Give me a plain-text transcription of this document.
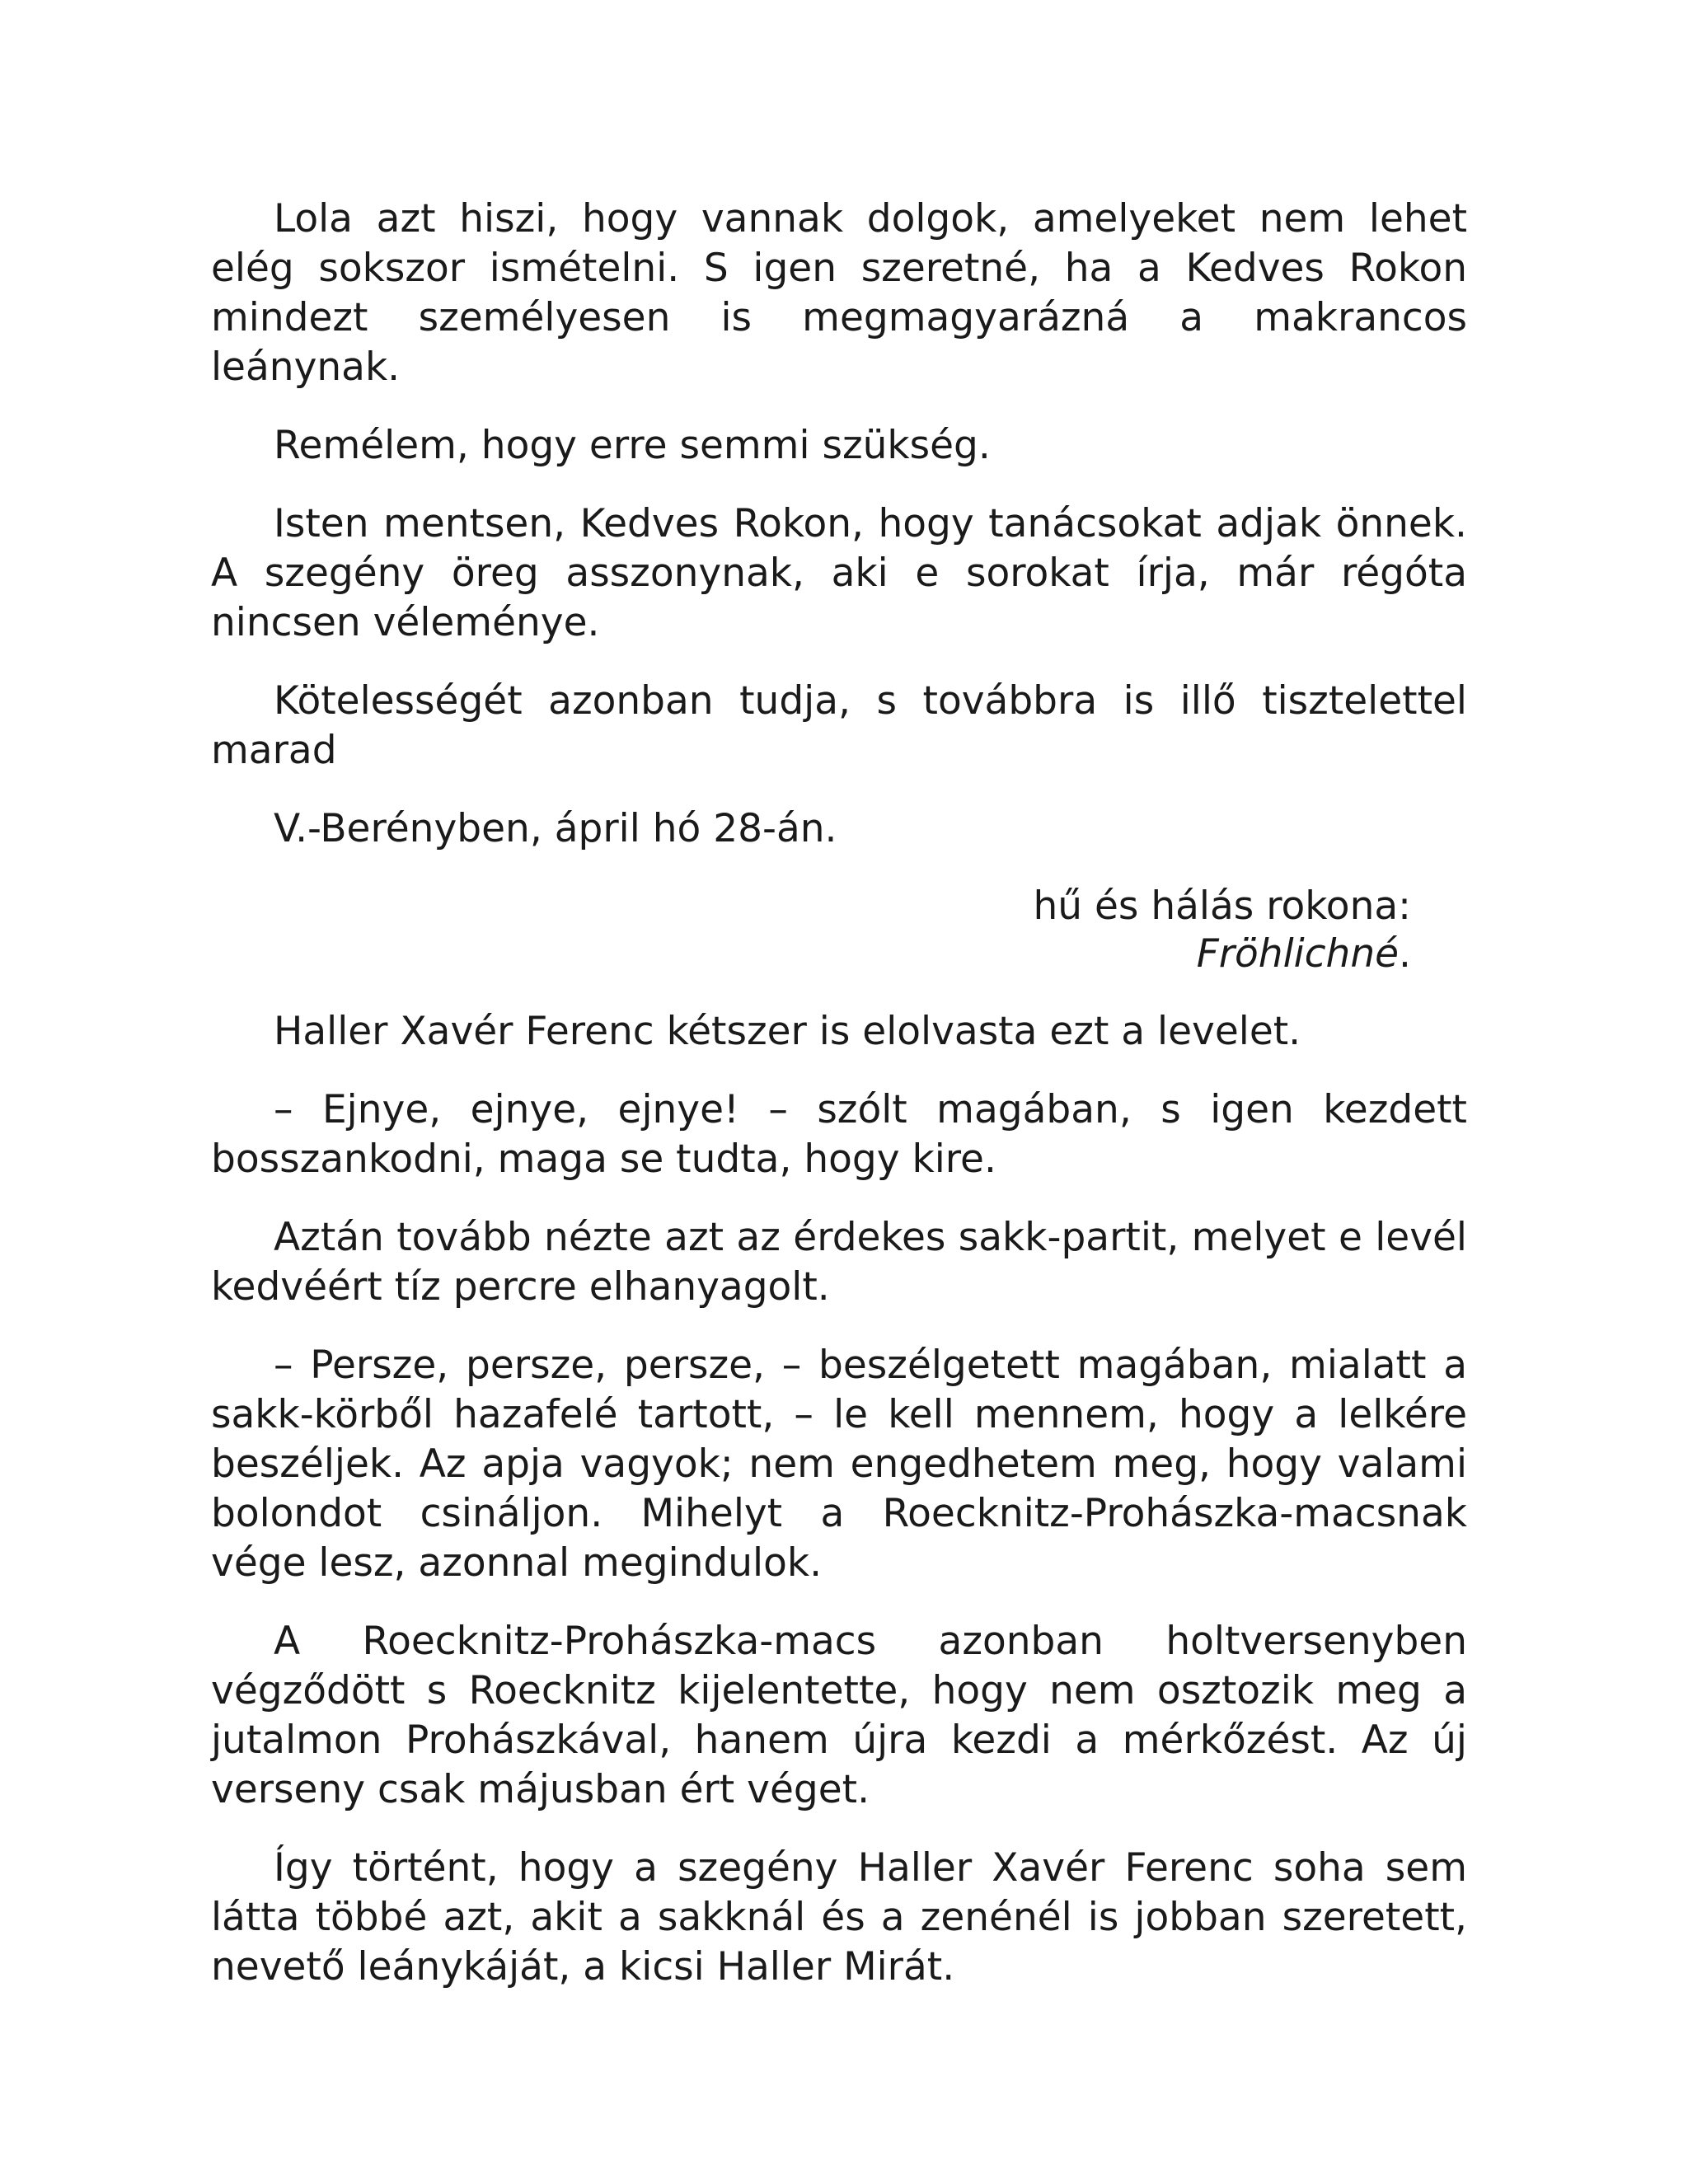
Lola azt hiszi, hogy vannak dolgok, amelyeket nem lehet elég sokszor ismételni. S igen szeretné, ha a Kedves Rokon mindezt személyesen is megmagyarázná a makrancos leánynak.

Remélem, hogy erre semmi szükség.

Isten mentsen, Kedves Rokon, hogy tanácsokat adjak önnek. A szegény öreg asszonynak, aki e sorokat írja, már régóta nincsen véleménye.

Kötelességét azonban tudja, s továbbra is illő tisztelettel marad

V.-Berényben, ápril hó 28-án.

hű és hálás rokona:
Fröhlichné.

Haller Xavér Ferenc kétszer is elolvasta ezt a levelet.

– Ejnye, ejnye, ejnye! – szólt magában, s igen kezdett bosszankodni, maga se tudta, hogy kire.

Aztán tovább nézte azt az érdekes sakk-partit, melyet e levél kedvéért tíz percre elhanyagolt.

– Persze, persze, persze, – beszélgetett magában, mialatt a sakk-körből hazafelé tartott, – le kell mennem, hogy a lelkére beszéljek. Az apja vagyok; nem engedhetem meg, hogy valami bolondot csináljon. Mihelyt a Roecknitz-Prohászka-macsnak vége lesz, azonnal megindulok.

A Roecknitz-Prohászka-macs azonban holtversenyben végződött s Roecknitz kijelentette, hogy nem osztozik meg a jutalmon Prohászkával, hanem újra kezdi a mérkőzést. Az új verseny csak májusban ért véget.

Így történt, hogy a szegény Haller Xavér Ferenc soha sem látta többé azt, akit a sakknál és a zenénél is jobban szeretett, nevető leánykáját, a kicsi Haller Mirát.
